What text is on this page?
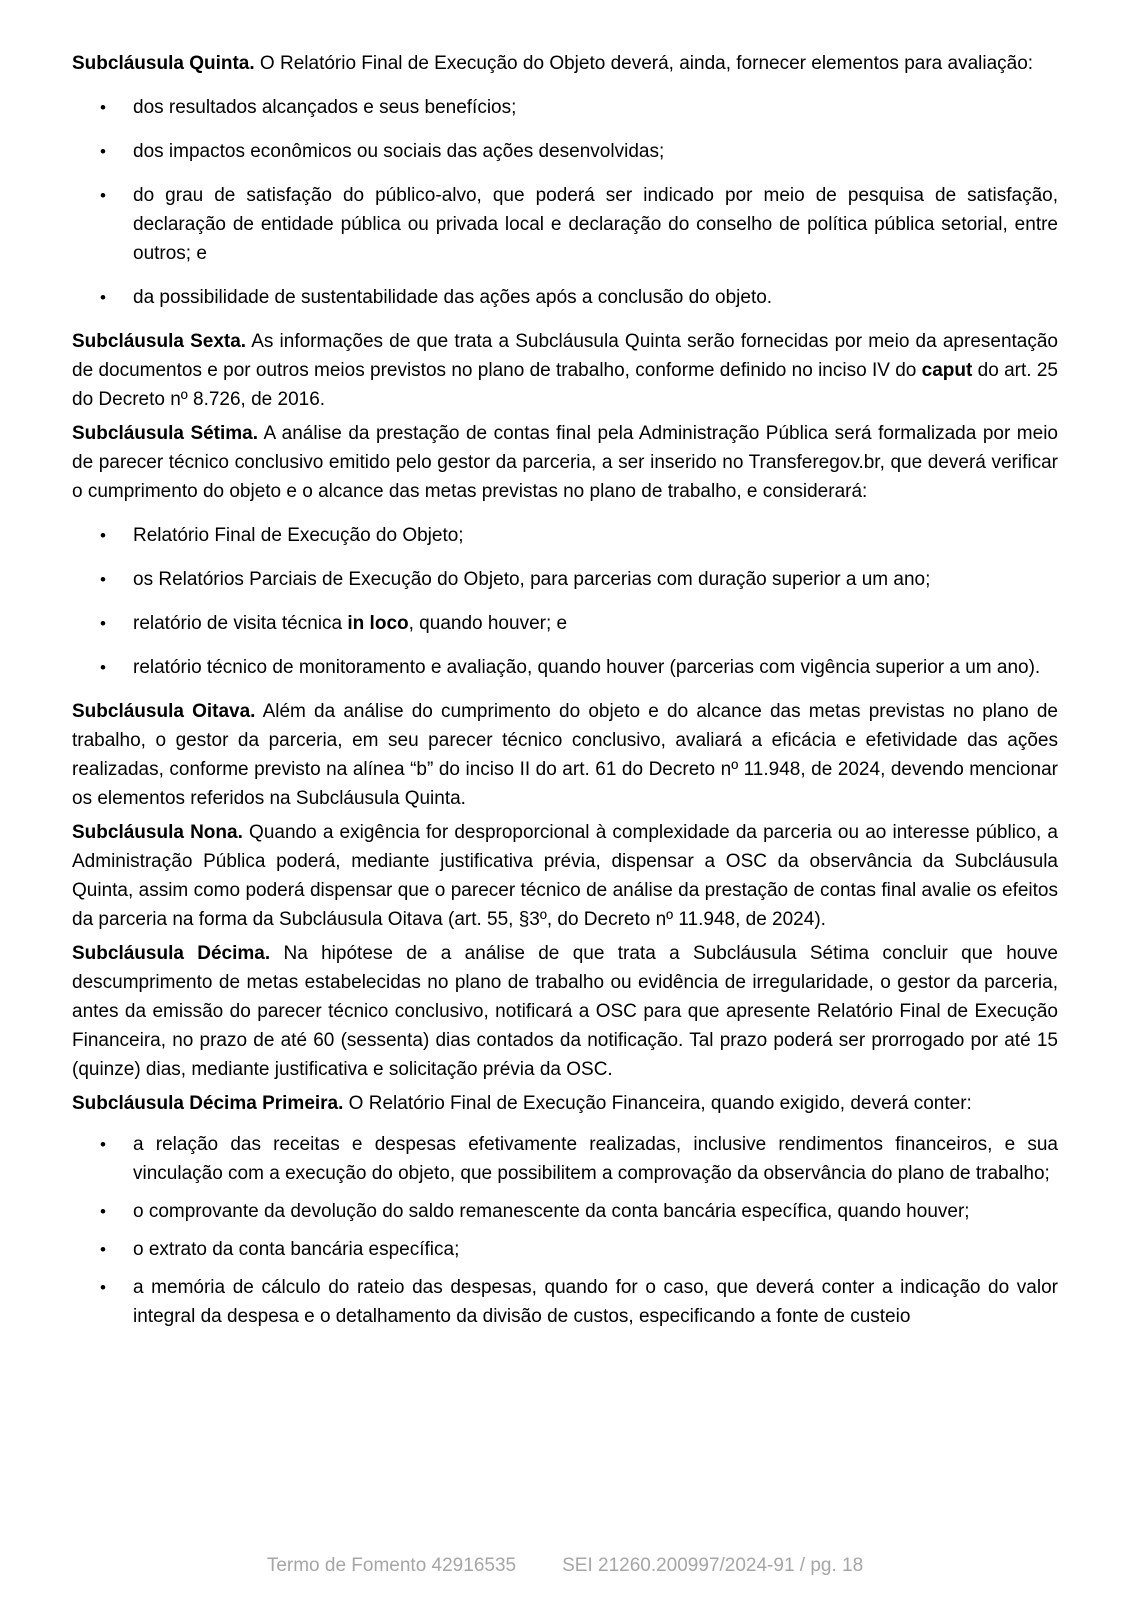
Subcláusula Quinta. O Relatório Final de Execução do Objeto deverá, ainda, fornecer elementos para avaliação:

• dos resultados alcançados e seus benefícios;
• dos impactos econômicos ou sociais das ações desenvolvidas;
• do grau de satisfação do público-alvo, que poderá ser indicado por meio de pesquisa de satisfação, declaração de entidade pública ou privada local e declaração do conselho de política pública setorial, entre outros; e
• da possibilidade de sustentabilidade das ações após a conclusão do objeto.

Subcláusula Sexta. As informações de que trata a Subcláusula Quinta serão fornecidas por meio da apresentação de documentos e por outros meios previstos no plano de trabalho, conforme definido no inciso IV do caput do art. 25 do Decreto nº 8.726, de 2016.

Subcláusula Sétima. A análise da prestação de contas final pela Administração Pública será formalizada por meio de parecer técnico conclusivo emitido pelo gestor da parceria, a ser inserido no Transferegov.br, que deverá verificar o cumprimento do objeto e o alcance das metas previstas no plano de trabalho, e considerará:

• Relatório Final de Execução do Objeto;
• os Relatórios Parciais de Execução do Objeto, para parcerias com duração superior a um ano;
• relatório de visita técnica in loco, quando houver; e
• relatório técnico de monitoramento e avaliação, quando houver (parcerias com vigência superior a um ano).

Subcláusula Oitava. Além da análise do cumprimento do objeto e do alcance das metas previstas no plano de trabalho, o gestor da parceria, em seu parecer técnico conclusivo, avaliará a eficácia e efetividade das ações realizadas, conforme previsto na alínea “b” do inciso II do art. 61 do Decreto nº 11.948, de 2024, devendo mencionar os elementos referidos na Subcláusula Quinta.

Subcláusula Nona. Quando a exigência for desproporcional à complexidade da parceria ou ao interesse público, a Administração Pública poderá, mediante justificativa prévia, dispensar a OSC da observância da Subcláusula Quinta, assim como poderá dispensar que o parecer técnico de análise da prestação de contas final avalie os efeitos da parceria na forma da Subcláusula Oitava (art. 55, §3º, do Decreto nº 11.948, de 2024).

Subcláusula Décima. Na hipótese de a análise de que trata a Subcláusula Sétima concluir que houve descumprimento de metas estabelecidas no plano de trabalho ou evidência de irregularidade, o gestor da parceria, antes da emissão do parecer técnico conclusivo, notificará a OSC para que apresente Relatório Final de Execução Financeira, no prazo de até 60 (sessenta) dias contados da notificação. Tal prazo poderá ser prorrogado por até 15 (quinze) dias, mediante justificativa e solicitação prévia da OSC.

Subcláusula Décima Primeira. O Relatório Final de Execução Financeira, quando exigido, deverá conter:

• a relação das receitas e despesas efetivamente realizadas, inclusive rendimentos financeiros, e sua vinculação com a execução do objeto, que possibilitem a comprovação da observância do plano de trabalho;
• o comprovante da devolução do saldo remanescente da conta bancária específica, quando houver;
• o extrato da conta bancária específica;
• a memória de cálculo do rateio das despesas, quando for o caso, que deverá conter a indicação do valor integral da despesa e o detalhamento da divisão de custos, especificando a fonte de custeio
Termo de Fomento 42916535 SEI 21260.200997/2024-91 / pg. 18
